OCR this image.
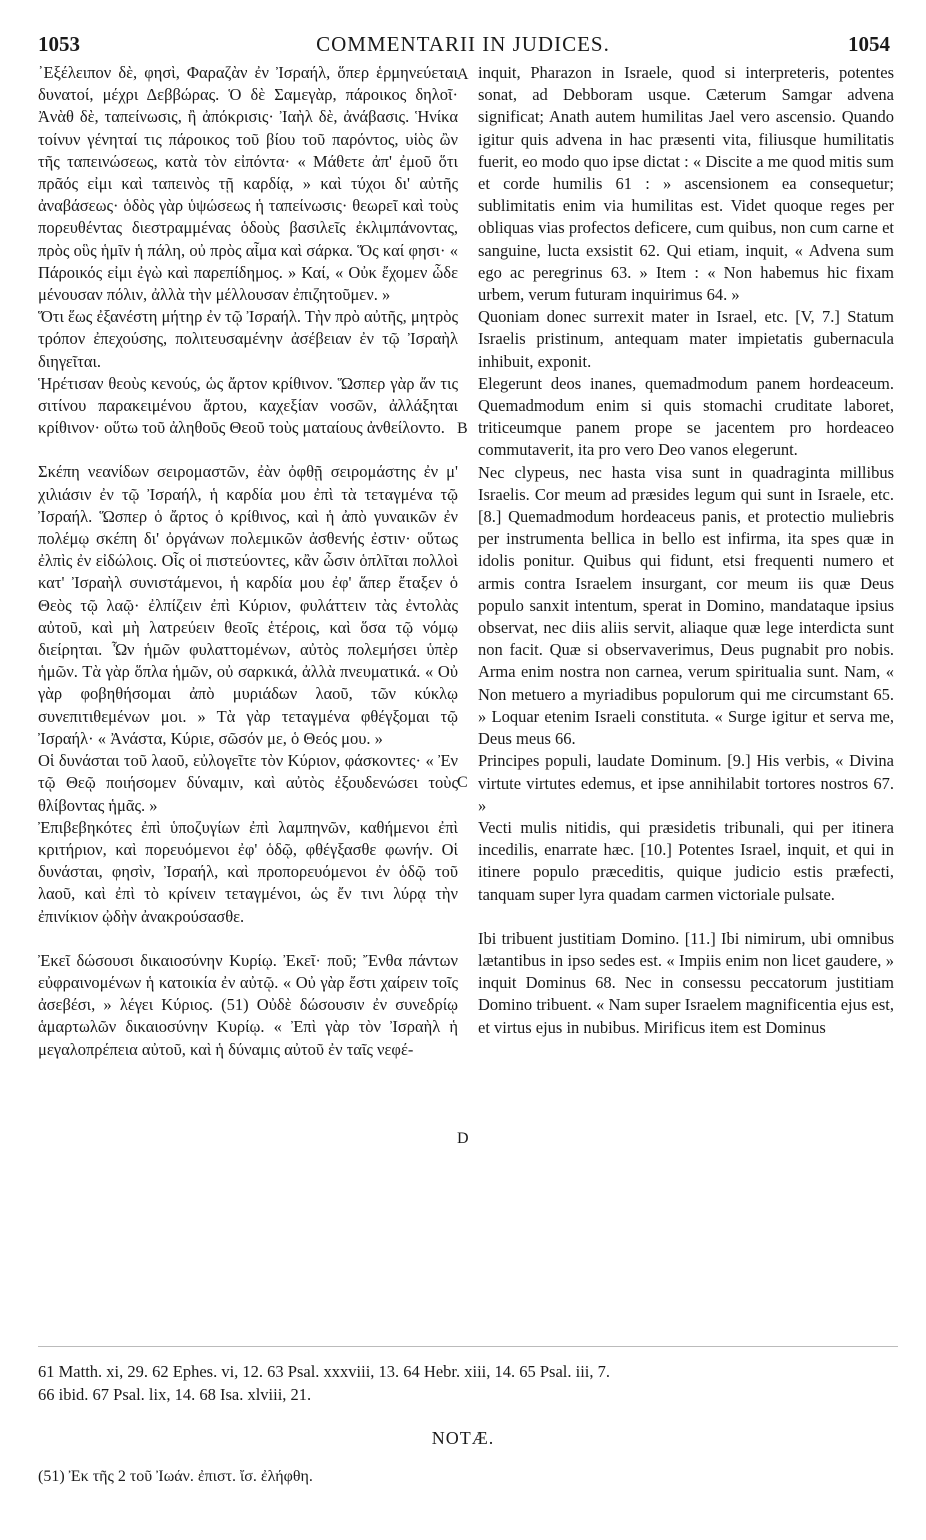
1053	COMMENTARII IN JUDICES.	1054

᾿Εξέλειπον δὲ, φησὶ, Φαραζὰν ἐν Ἰσραήλ, ὅπερ ἑρμηνεύεται δυνατοί, μέχρι Δεββώρας. Ὁ δὲ Σαμεγὰρ, πάροικος δηλοῖ· Ἀνὰθ δὲ, ταπείνωσις, ἢ ἀπόκρισις· Ἰαὴλ δὲ, ἀνάβασις. Ἡνίκα τοίνυν γένηταί τις πάροικος τοῦ βίου τοῦ παρόντος, υἱὸς ὢν τῆς ταπεινώσεως, κατὰ τὸν εἰπόντα· « Μάθετε ἀπ' ἐμοῦ ὅτι πρᾶός εἰμι καὶ ταπεινὸς τῇ καρδίᾳ, » καὶ τύχοι δι' αὐτῆς ἀναβάσεως· ὁδὸς γὰρ ὑψώσεως ἡ ταπείνωσις· θεωρεῖ καὶ τοὺς πορευθέντας διεστραμμένας ὁδοὺς βασιλεῖς ἐκλιμπάνοντας, πρὸς οὓς ἡμῖν ἡ πάλη, οὐ πρὸς αἷμα καὶ σάρκα. Ὅς καί φησι· « Πάροικός εἰμι ἐγὼ καὶ παρεπίδημος. » Καί, « Οὐκ ἔχομεν ὧδε μένουσαν πόλιν, ἀλλὰ τὴν μέλλουσαν ἐπιζητοῦμεν. »

Ὅτι ἕως ἐξανέστη μήτηρ ἐν τῷ Ἰσραήλ. Τὴν πρὸ αὐτῆς, μητρὸς τρόπον ἐπεχούσης, πολιτευσαμένην ἀσέβειαν ἐν τῷ Ἰσραὴλ διηγεῖται.

Ἡρέτισαν θεοὺς κενούς, ὡς ἄρτον κρίθινον. Ὥσπερ γὰρ ἄν τις σιτίνου παρακειμένου ἄρτου, καχεξίαν νοσῶν, ἀλλάξηται κρίθινον· οὕτω τοῦ ἀληθοῦς Θεοῦ τοὺς ματαίους ἀνθείλοντο.

Σκέπη νεανίδων σειρομαστῶν, ἐὰν ὀφθῇ σειρομάστης ἐν μ' χιλιάσιν ἐν τῷ Ἰσραήλ, ἡ καρδία μου ἐπὶ τὰ τεταγμένα τῷ Ἰσραήλ. Ὥσπερ ὁ ἄρτος ὁ κρίθινος, καὶ ἡ ἀπὸ γυναικῶν ἐν πολέμῳ σκέπη δι' ὀργάνων πολεμικῶν ἀσθενής ἐστιν· οὕτως ἐλπὶς ἐν εἰδώλοις. Οἷς οἱ πιστεύοντες, κἂν ὦσιν ὁπλῖται πολλοὶ κατ' Ἰσραὴλ συνιστάμενοι, ἡ καρδία μου ἐφ' ἅπερ ἔταξεν ὁ Θεὸς τῷ λαῷ· ἐλπίζειν ἐπὶ Κύριον, φυλάττειν τὰς ἐντολὰς αὐτοῦ, καὶ μὴ λατρεύειν θεοῖς ἑτέροις, καὶ ὅσα τῷ νόμῳ διείρηται. Ὧν ἡμῶν φυλαττομένων, αὐτὸς πολεμήσει ὑπὲρ ἡμῶν. Τὰ γὰρ ὅπλα ἡμῶν, οὐ σαρκικά, ἀλλὰ πνευματικά. « Οὐ γὰρ φοβηθήσομαι ἀπὸ μυριάδων λαοῦ, τῶν κύκλῳ συνεπιτιθεμένων μοι. » Τὰ γὰρ τεταγμένα φθέγξομαι τῷ Ἰσραήλ· « Ἀνάστα, Κύριε, σῶσόν με, ὁ Θεός μου. »

Οἱ δυνάσται τοῦ λαοῦ, εὐλογεῖτε τὸν Κύριον, φάσκοντες· « Ἐν τῷ Θεῷ ποιήσομεν δύναμιν, καὶ αὐτὸς ἐξουδενώσει τοὺς θλίβοντας ἡμᾶς. »

Ἐπιβεβηκότες ἐπὶ ὑποζυγίων ἐπὶ λαμπηνῶν, καθήμενοι ἐπὶ κριτήριον, καὶ πορευόμενοι ἐφ' ὁδῷ, φθέγξασθε φωνήν. Οἱ δυνάσται, φησὶν, Ἰσραήλ, καὶ προπορευόμενοι ἐν ὁδῷ τοῦ λαοῦ, καὶ ἐπὶ τὸ κρίνειν τεταγμένοι, ὡς ἔν τινι λύρᾳ τὴν ἐπινίκιον ᾠδὴν ἀνακρούσασθε.

Ἐκεῖ δώσουσι δικαιοσύνην Κυρίῳ. Ἐκεῖ· ποῦ; Ἔνθα πάντων εὐφραινομένων ἡ κατοικία ἐν αὐτῷ. « Οὐ γὰρ ἔστι χαίρειν τοῖς ἀσεβέσι, » λέγει Κύριος. (51) Οὐδὲ δώσουσιν ἐν συνεδρίῳ ἁμαρτωλῶν δικαιοσύνην Κυρίῳ. « Ἐπὶ γὰρ τὸν Ἰσραὴλ ἡ μεγαλοπρέπεια αὐτοῦ, καὶ ἡ δύναμις αὐτοῦ ἐν ταῖς νεφέ-

inquit, Pharazon in Israele, quod si interpreteris, potentes sonat, ad Debboram usque. Cæterum Samgar advena significat; Anath autem humilitas Jael vero ascensio. Quando igitur quis advena in hac præsenti vita, filiusque humilitatis fuerit, eo modo quo ipse dictat : « Discite a me quod mitis sum et corde humilis 61 : » ascensionem ea consequetur; sublimitatis enim via humilitas est. Videt quoque reges per obliquas vias profectos deficere, cum quibus, non cum carne et sanguine, lucta exsistit 62. Qui etiam, inquit, « Advena sum ego ac peregrinus 63. » Item : « Non habemus hic fixam urbem, verum futuram inquirimus 64. »

Quoniam donec surrexit mater in Israel, etc. [V, 7.] Statum Israelis pristinum, antequam mater impietatis gubernacula inhibuit, exponit.

Elegerunt deos inanes, quemadmodum panem hordeaceum. Quemadmodum enim si quis stomachi cruditate laboret, triticeumque panem prope se jacentem pro hordeaceo commutaverit, ita pro vero Deo vanos elegerunt.

Nec clypeus, nec hasta visa sunt in quadraginta millibus Israelis. Cor meum ad præsides legum qui sunt in Israele, etc. [8.] Quemadmodum hordeaceus panis, et protectio muliebris per instrumenta bellica in bello est infirma, ita spes quæ in idolis ponitur. Quibus qui fidunt, etsi frequenti numero et armis contra Israelem insurgant, cor meum iis quæ Deus populo sanxit intentum, sperat in Domino, mandataque ipsius observat, nec diis aliis servit, aliaque quæ lege interdicta sunt non facit. Quæ si observaverimus, Deus pugnabit pro nobis. Arma enim nostra non carnea, verum spiritualia sunt. Nam, « Non metuero a myriadibus populorum qui me circumstant 65. » Loquar etenim Israeli constituta. « Surge igitur et serva me, Deus meus 66.

Principes populi, laudate Dominum. [9.] His verbis, « Divina virtute virtutes edemus, et ipse annihilabit tortores nostros 67. »

Vecti mulis nitidis, qui præsidetis tribunali, qui per itinera incedilis, enarrate hæc. [10.] Potentes Israel, inquit, et qui in itinere populo præceditis, quique judicio estis præfecti, tanquam super lyra quadam carmen victoriale pulsate.

Ibi tribuent justitiam Domino. [11.] Ibi nimirum, ubi omnibus lætantibus in ipso sedes est. « Impiis enim non licet gaudere, » inquit Dominus 68. Nec in consessu peccatorum justitiam Domino tribuent. « Nam super Israelem magnificentia ejus est, et virtus ejus in nubibus. Mirificus item est Dominus

A
B
C
D
61 Matth. xi, 29. 62 Ephes. vi, 12. 63 Psal. xxxviii, 13. 64 Hebr. xiii, 14. 65 Psal. iii, 7.
66 ibid. 67 Psal. lix, 14. 68 Isa. xlviii, 21.
NOTÆ.
(51) Ἐκ τῆς 2 τοῦ Ἰωάν. ἐπιστ. ἴσ. ἐλήφθη.
